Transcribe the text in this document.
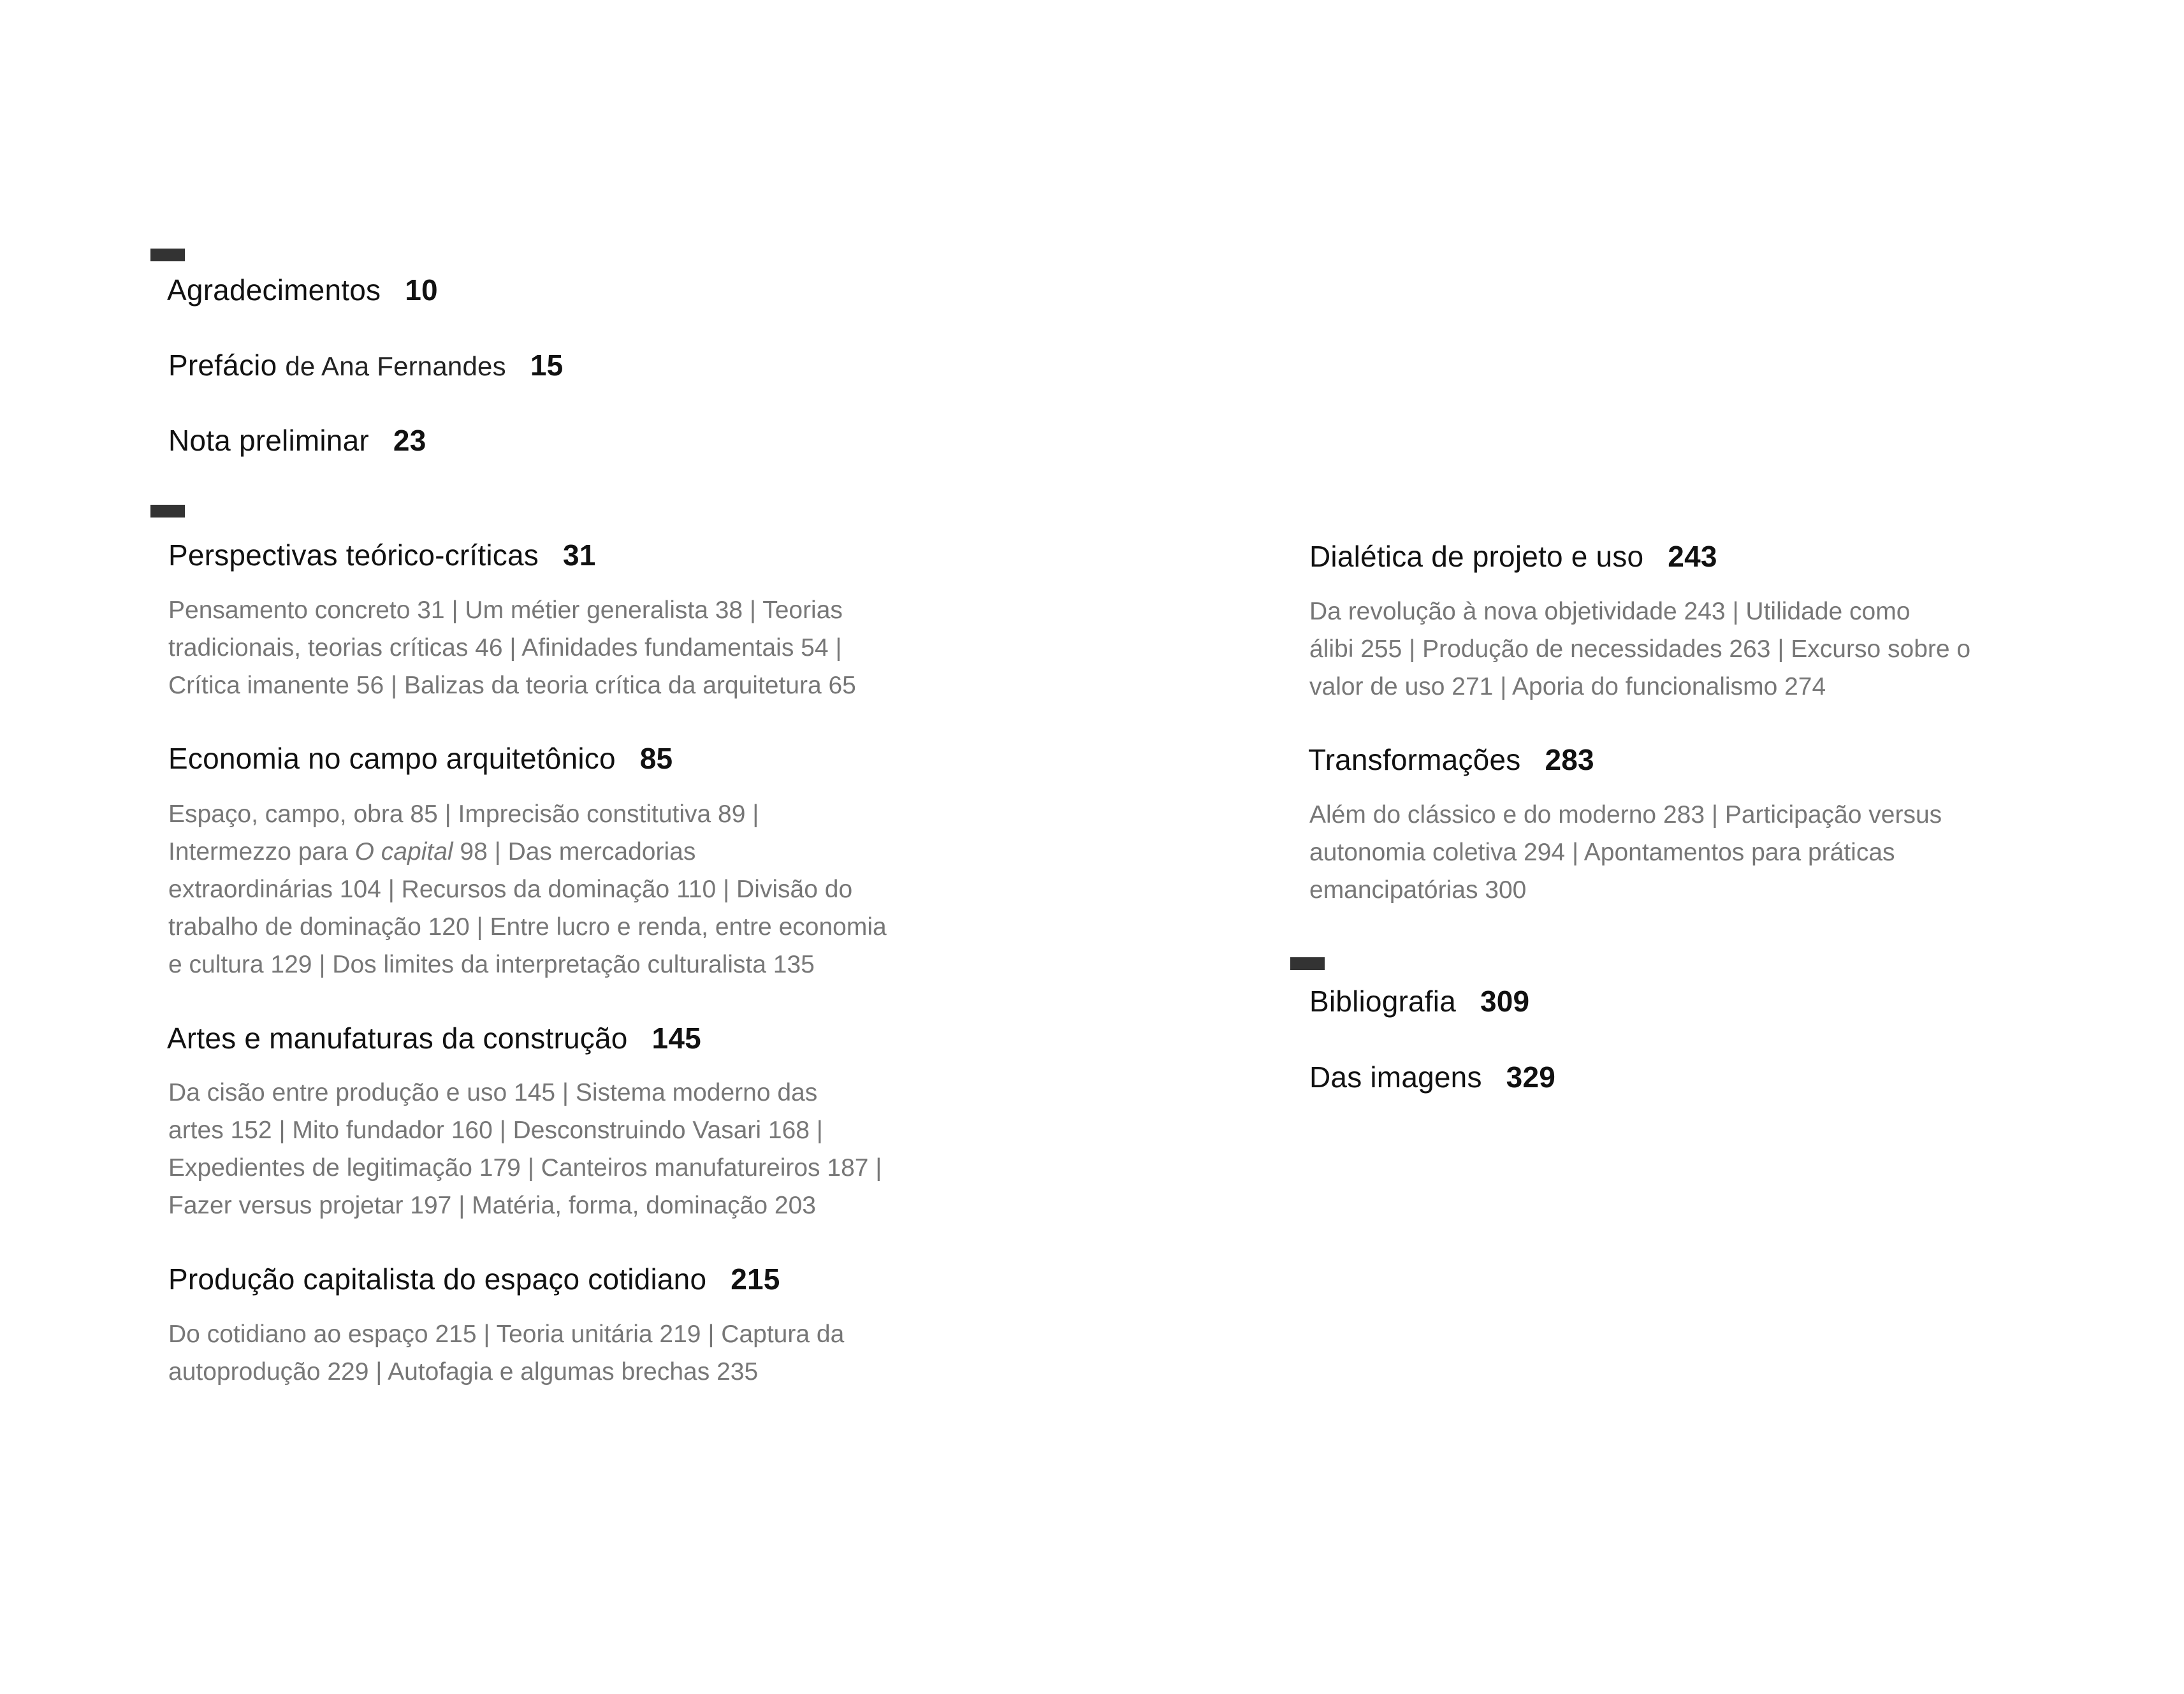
Agradecimentos 10
Prefácio de Ana Fernandes 15
Nota preliminar 23
Perspectivas teórico-críticas 31
Pensamento concreto 31 | Um métier generalista 38 | Teorias
tradicionais, teorias críticas 46 | Afinidades fundamentais 54 |
Crítica imanente 56 | Balizas da teoria crítica da arquitetura 65
Economia no campo arquitetônico 85
Espaço, campo, obra 85 | Imprecisão constitutiva 89 |
Intermezzo para O capital 98 | Das mercadorias
extraordinárias 104 | Recursos da dominação 110 | Divisão do
trabalho de dominação 120 | Entre lucro e renda, entre economia
e cultura 129 | Dos limites da interpretação culturalista 135
Artes e manufaturas da construção 145
Da cisão entre produção e uso 145 | Sistema moderno das
artes 152 | Mito fundador 160 | Desconstruindo Vasari 168 |
Expedientes de legitimação 179 | Canteiros manufatureiros 187 |
Fazer versus projetar 197 | Matéria, forma, dominação 203
Produção capitalista do espaço cotidiano 215
Do cotidiano ao espaço 215 | Teoria unitária 219 | Captura da
autoprodução 229 | Autofagia e algumas brechas 235
Dialética de projeto e uso 243
Da revolução à nova objetividade 243 | Utilidade como
álibi 255 | Produção de necessidades 263 | Excurso sobre o
valor de uso 271 | Aporia do funcionalismo 274
Transformações 283
Além do clássico e do moderno 283 | Participação versus
autonomia coletiva 294 | Apontamentos para práticas
emancipatórias 300
Bibliografia 309
Das imagens 329
